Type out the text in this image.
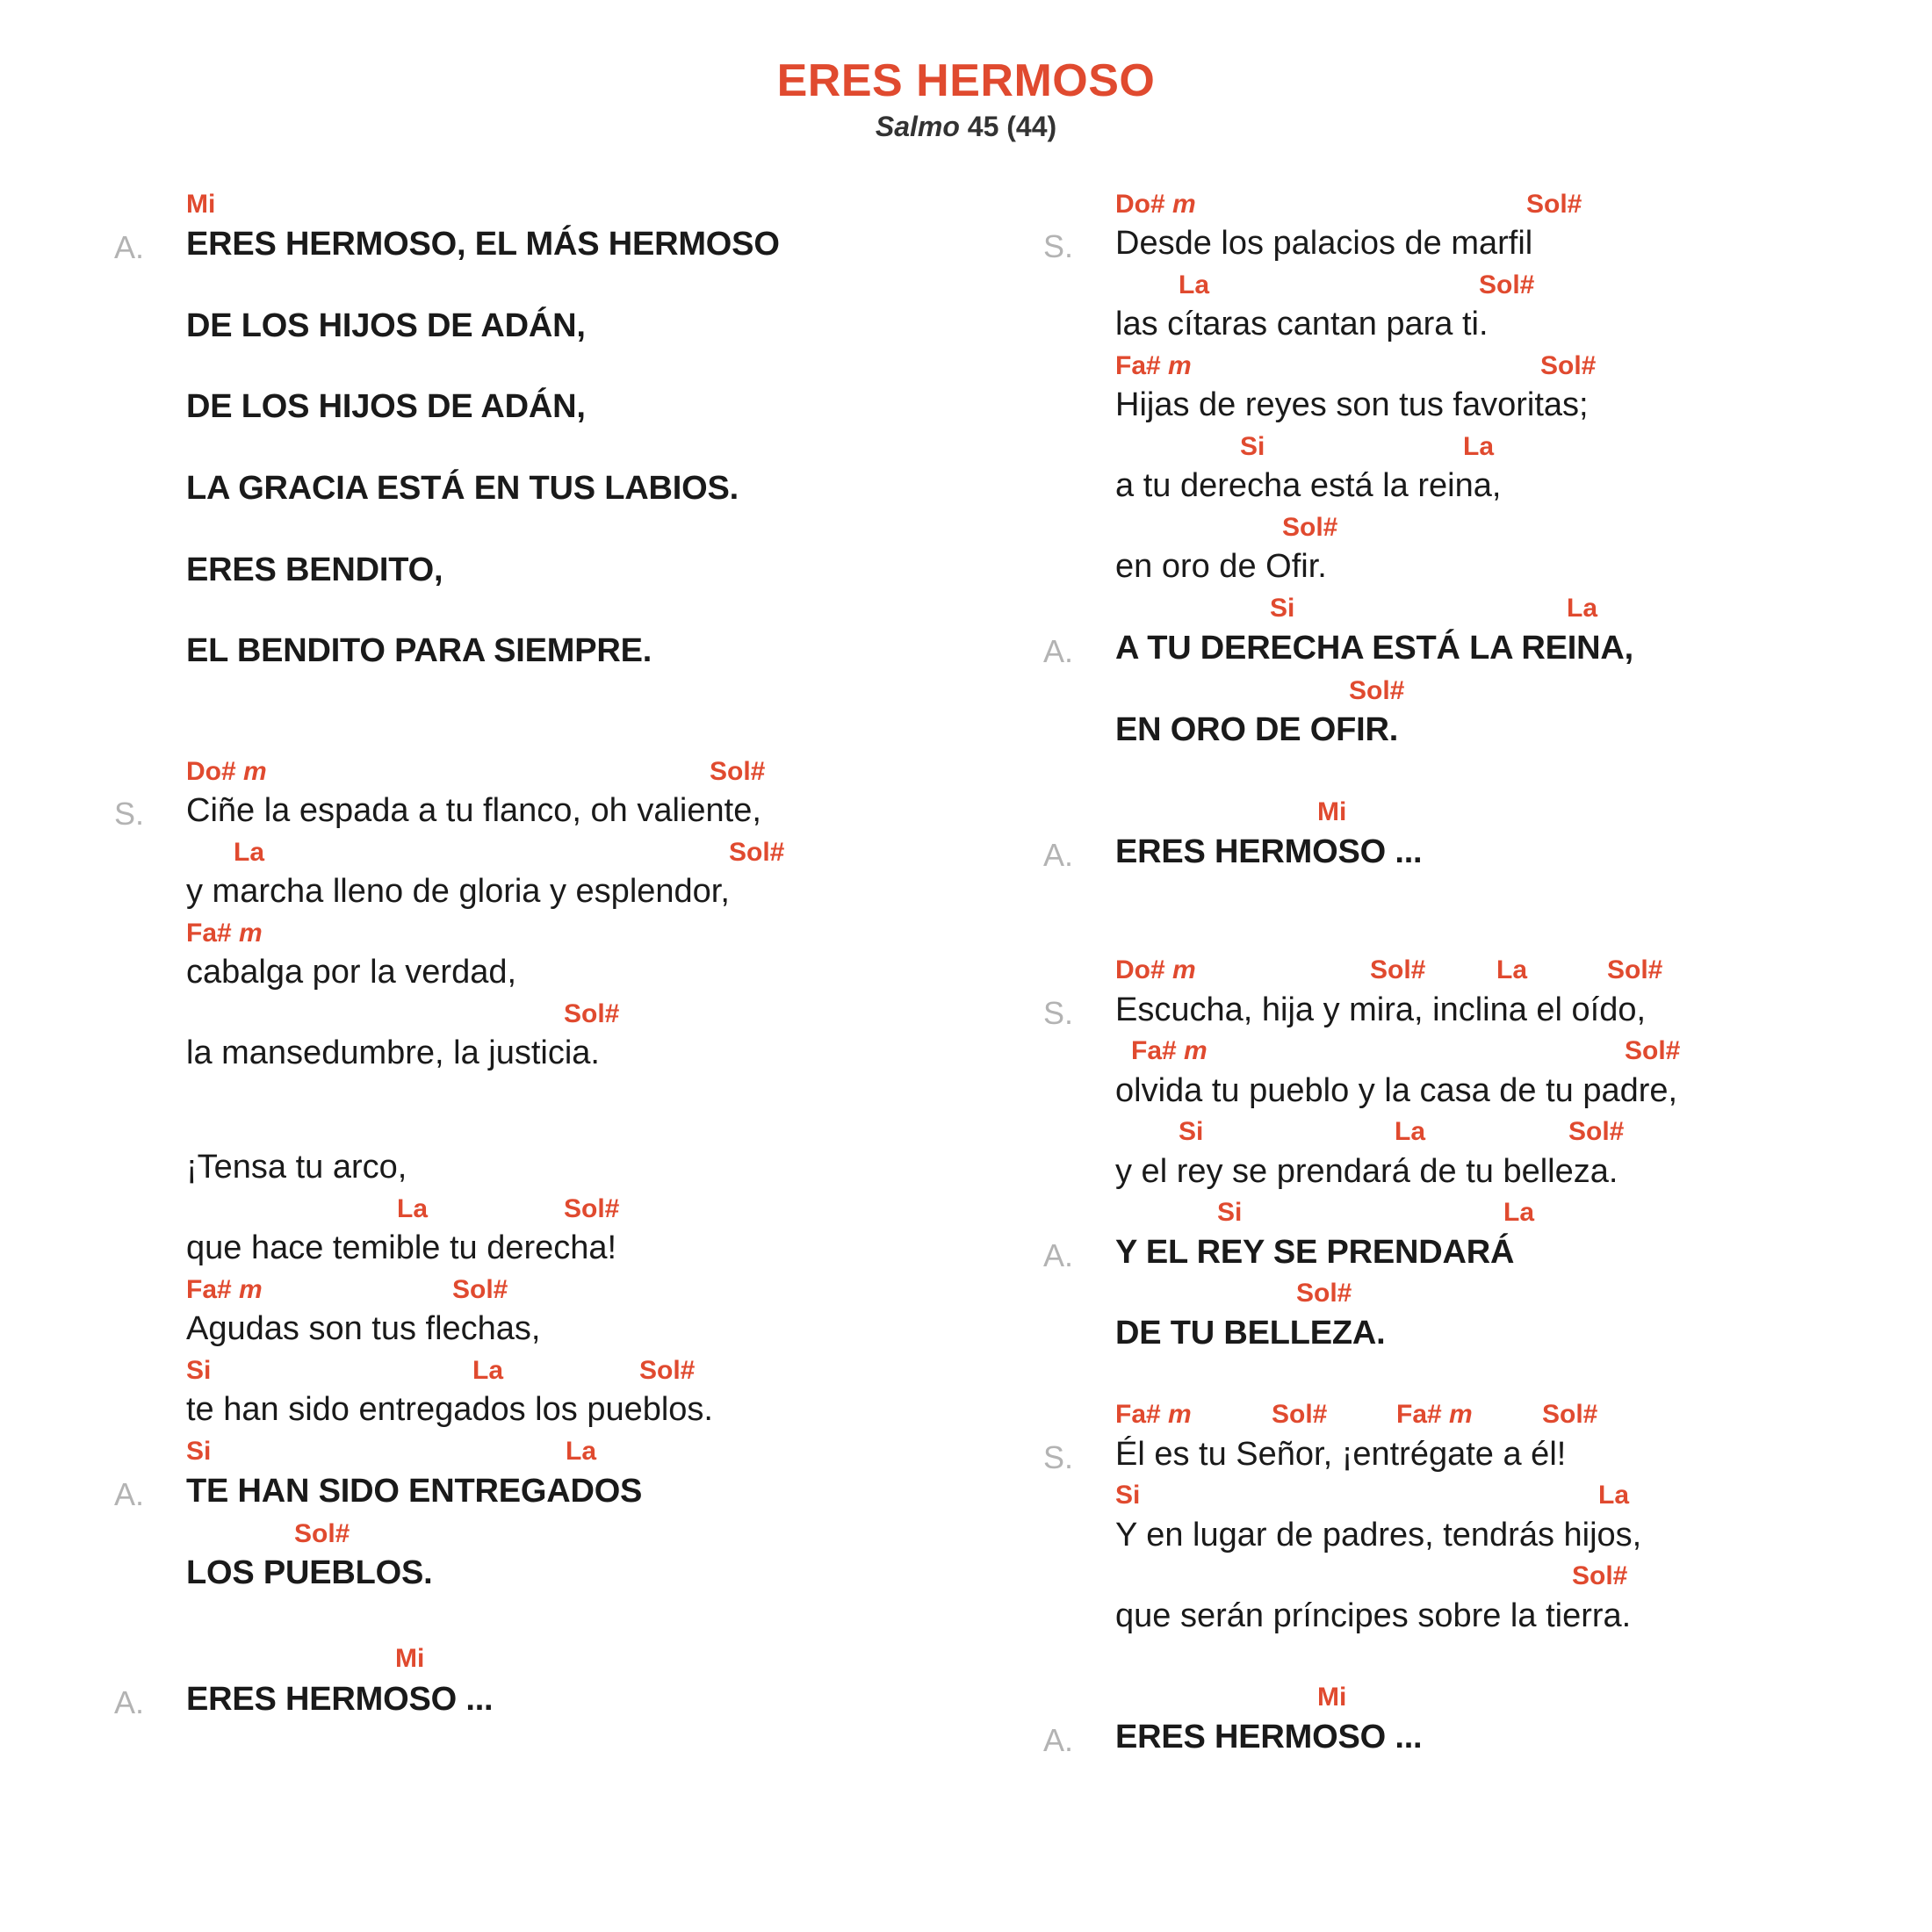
ERES HERMOSO
Salmo 45 (44)
Mi
A. ERES HERMOSO, EL MÁS HERMOSO
DE LOS HIJOS DE ADÁN,
DE LOS HIJOS DE ADÁN,
LA GRACIA ESTÁ EN TUS LABIOS.
ERES BENDITO,
EL BENDITO PARA SIEMPRE.
Do# m	Sol#
S. Ciñe la espada a tu flanco, oh valiente,
La	Sol#
y marcha lleno de gloria y esplendor,
Fa# m
cabalga por la verdad,
Sol#
la mansedumbre, la justicia.
¡Tensa tu arco,
La	Sol#
que hace temible tu derecha!
Fa# m	Sol#
Agudas son tus flechas,
Si	La	Sol#
te han sido entregados los pueblos.
Si	La
A. TE HAN SIDO ENTREGADOS
Sol#
LOS PUEBLOS.
Mi
A. ERES HERMOSO ...
Do# m	Sol#
S. Desde los palacios de marfil
La	Sol#
las cítaras cantan para ti.
Fa# m	Sol#
Hijas de reyes son tus favoritas;
Si	La
a tu derecha está la reina,
Sol#
en oro de Ofir.
Si	La
A. A TU DERECHA ESTÁ LA REINA,
Sol#
EN ORO DE OFIR.
Mi
A. ERES HERMOSO ...
Do# m	Sol#	La	Sol#
S. Escucha, hija y mira, inclina el oído,
Fa# m	Sol#
olvida tu pueblo y la casa de tu padre,
Si	La	Sol#
y el rey se prendará de tu belleza.
Si	La
A. Y EL REY SE PRENDARÁ
Sol#
DE TU BELLEZA.
Fa# m	Sol#	Fa# m	Sol#
S. Él es tu Señor, ¡entrégate a él!
Si	La
Y en lugar de padres, tendrás hijos,
Sol#
que serán príncipes sobre la tierra.
Mi
A. ERES HERMOSO ...
